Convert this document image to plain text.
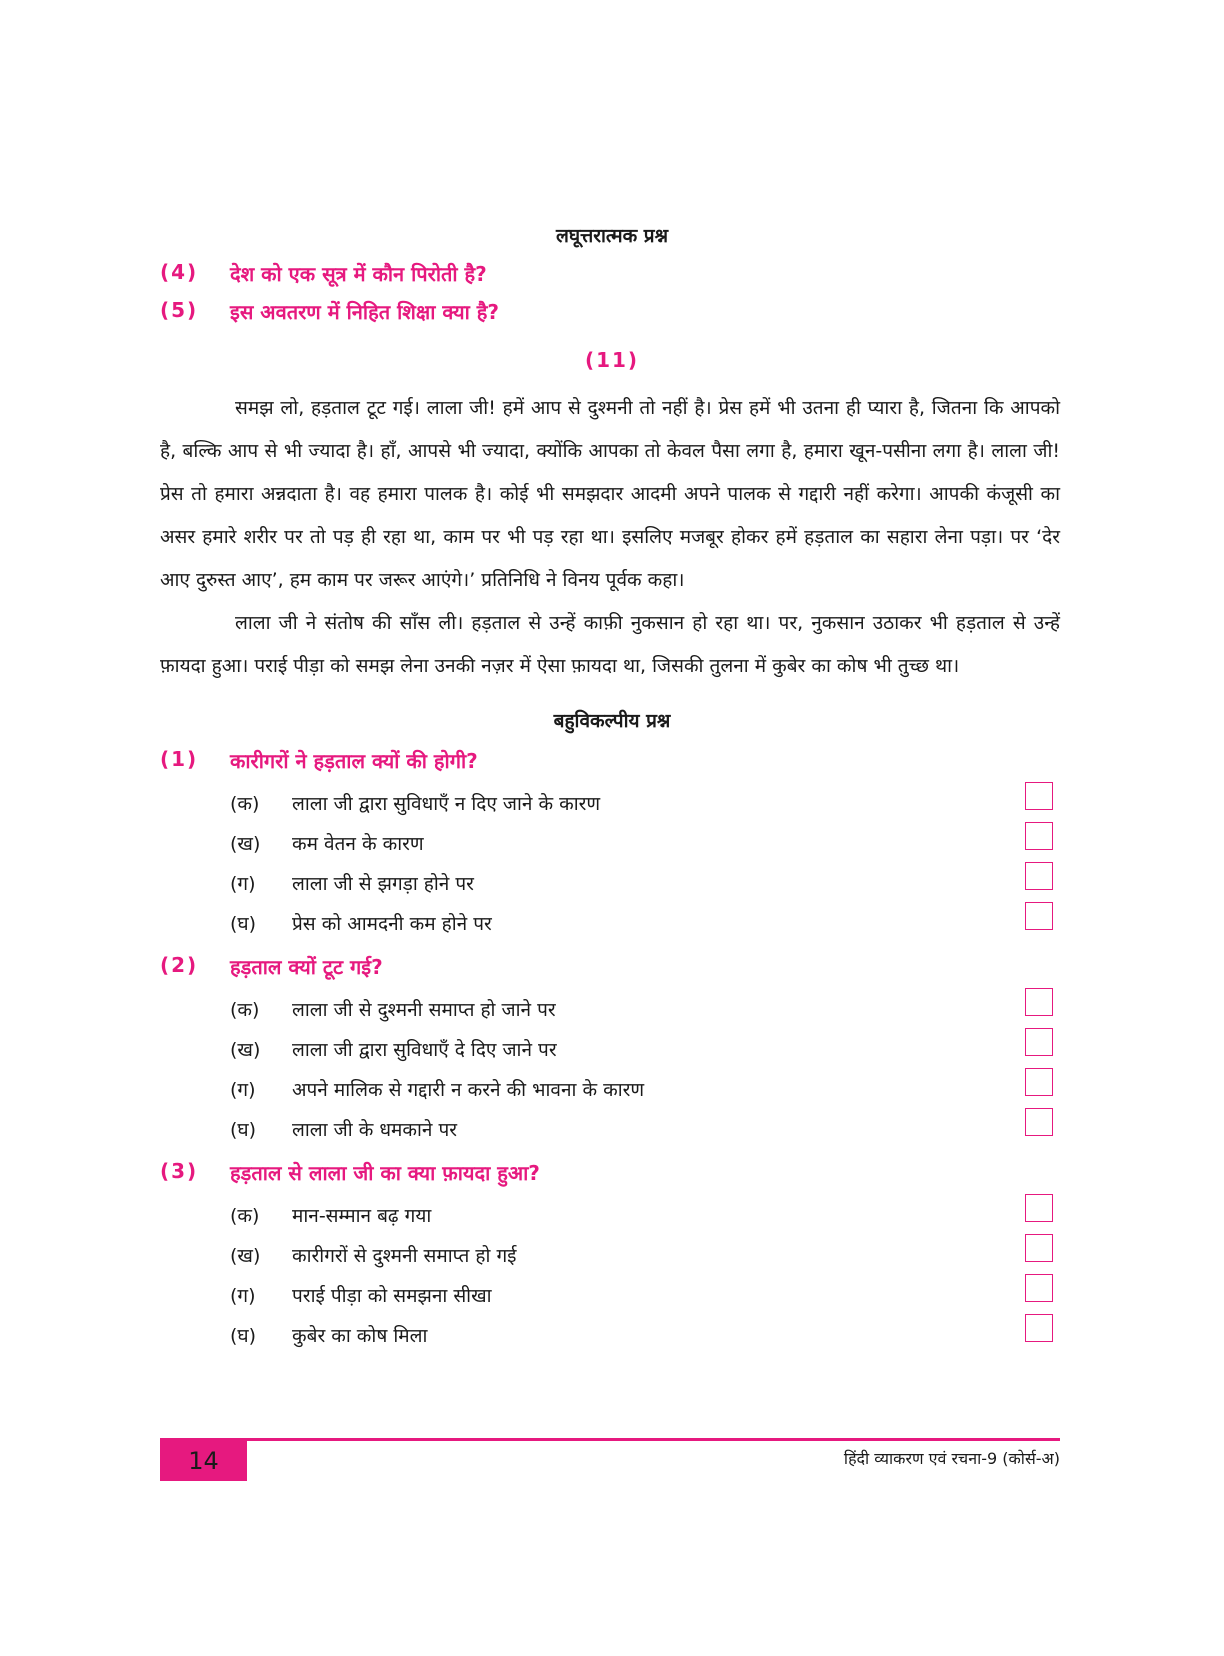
लघूत्तरात्मक प्रश्न
(4)	देश को एक सूत्र में कौन पिरोती है?
(5)	इस अवतरण में निहित शिक्षा क्या है?
(11)

समझ लो, हड़ताल टूट गई। लाला जी! हमें आप से दुश्मनी तो नहीं है। प्रेस हमें भी उतना ही प्यारा है, जितना कि आपको है, बल्कि आप से भी ज्यादा है। हाँ, आपसे भी ज्यादा, क्योंकि आपका तो केवल पैसा लगा है, हमारा खून-पसीना लगा है। लाला जी! प्रेस तो हमारा अन्नदाता है। वह हमारा पालक है। कोई भी समझदार आदमी अपने पालक से गद्दारी नहीं करेगा। आपकी कंजूसी का असर हमारे शरीर पर तो पड़ ही रहा था, काम पर भी पड़ रहा था। इसलिए मजबूर होकर हमें हड़ताल का सहारा लेना पड़ा। पर ‘देर आए दुरुस्त आए’, हम काम पर जरूर आएंगे।’ प्रतिनिधि ने विनय पूर्वक कहा।

लाला जी ने संतोष की साँस ली। हड़ताल से उन्हें काफ़ी नुकसान हो रहा था। पर, नुकसान उठाकर भी हड़ताल से उन्हें फ़ायदा हुआ। पराई पीड़ा को समझ लेना उनकी नज़र में ऐसा फ़ायदा था, जिसकी तुलना में कुबेर का कोष भी तुच्छ था।

बहुविकल्पीय प्रश्न
(1)	कारीगरों ने हड़ताल क्यों की होगी?
(क)	लाला जी द्वारा सुविधाएँ न दिए जाने के कारण
(ख)	कम वेतन के कारण
(ग)	लाला जी से झगड़ा होने पर
(घ)	प्रेस को आमदनी कम होने पर
(2)	हड़ताल क्यों टूट गई?
(क)	लाला जी से दुश्मनी समाप्त हो जाने पर
(ख)	लाला जी द्वारा सुविधाएँ दे दिए जाने पर
(ग)	अपने मालिक से गद्दारी न करने की भावना के कारण
(घ)	लाला जी के धमकाने पर
(3)	हड़ताल से लाला जी का क्या फ़ायदा हुआ?
(क)	मान-सम्मान बढ़ गया
(ख)	कारीगरों से दुश्मनी समाप्त हो गई
(ग)	पराई पीड़ा को समझना सीखा
(घ)	कुबेर का कोष मिला
14	हिंदी व्याकरण एवं रचना-9 (कोर्स-अ)
